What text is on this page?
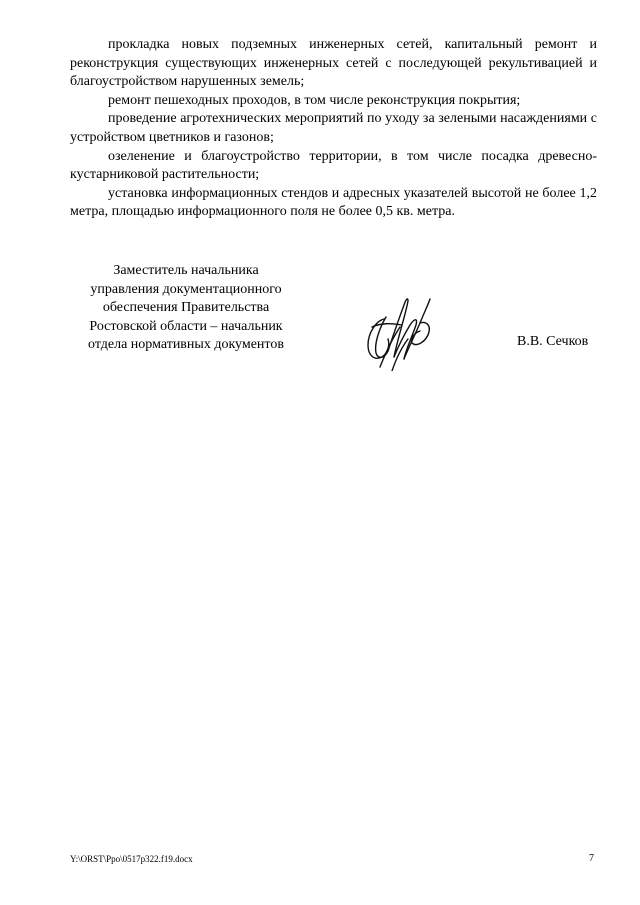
прокладка новых подземных инженерных сетей, капитальный ремонт и реконструкция существующих инженерных сетей с последующей рекультивацией и благоустройством нарушенных земель;

ремонт пешеходных проходов, в том числе реконструкция покрытия;

проведение агротехнических мероприятий по уходу за зелеными насаждениями с устройством цветников и газонов;

озеленение и благоустройство территории, в том числе посадка древесно-кустарниковой растительности;

установка информационных стендов и адресных указателей высотой не более 1,2 метра, площадью информационного поля не более 0,5 кв. метра.

Заместитель начальника
управления документационного
обеспечения Правительства
Ростовской области – начальник
отдела нормативных документов	В.В. Сечков
Y:\ORST\Ppo\0517p322.f19.docx	7
